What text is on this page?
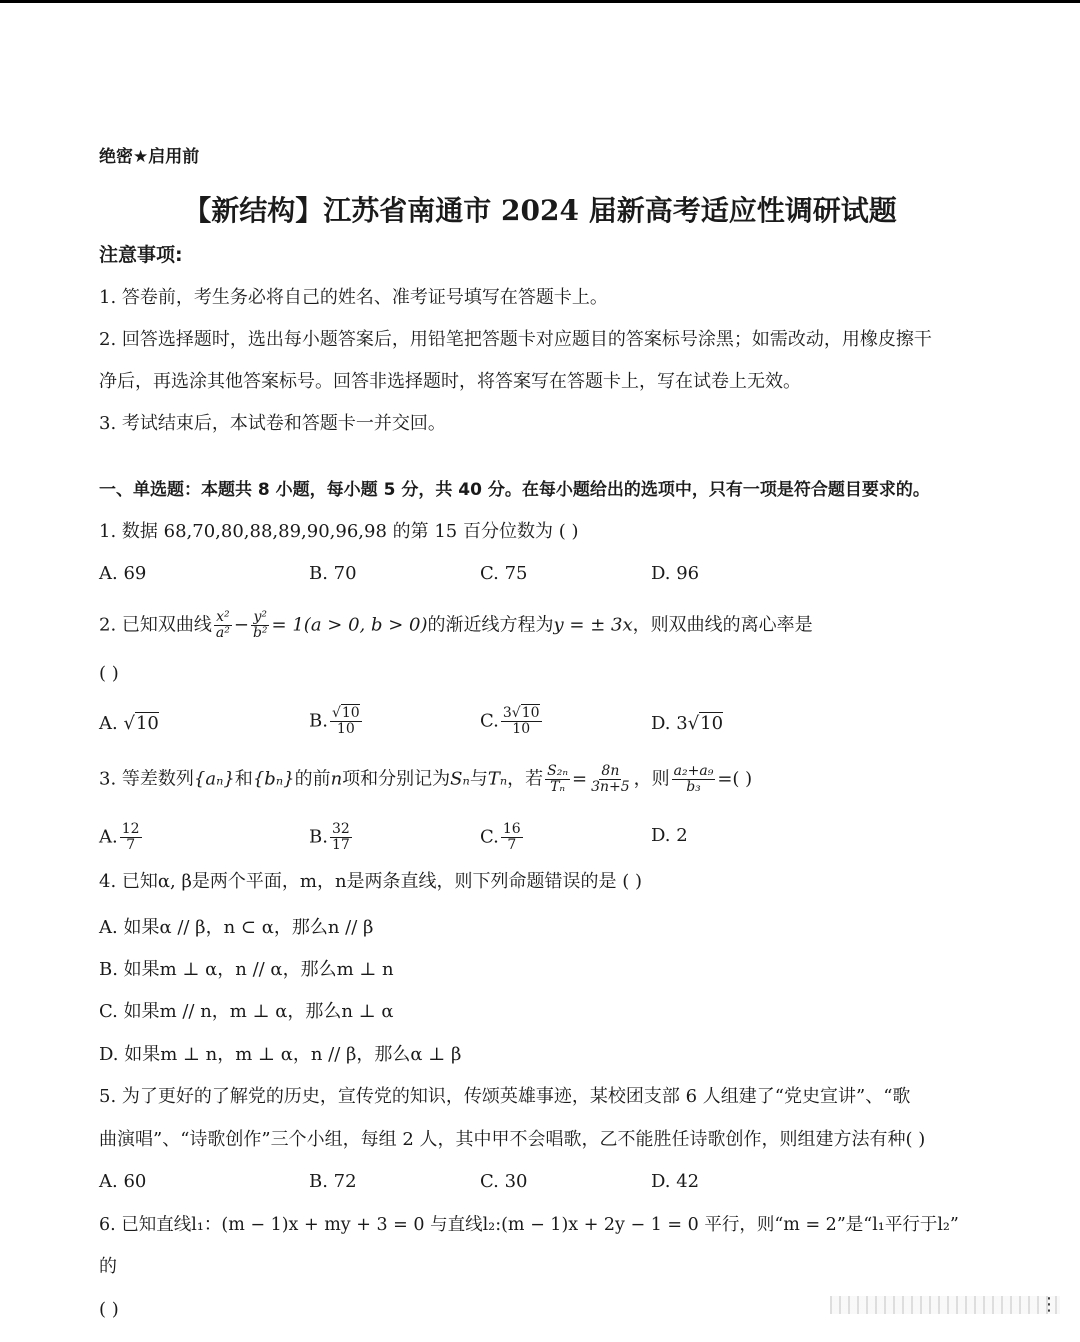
绝密★启用前
【新结构】江苏省南通市 2024 届新高考适应性调研试题
注意事项:
1. 答卷前，考生务必将自己的姓名、准考证号填写在答题卡上。
2. 回答选择题时，选出每小题答案后，用铅笔把答题卡对应题目的答案标号涂黑；如需改动，用橡皮擦干
净后，再选涂其他答案标号。回答非选择题时，将答案写在答题卡上，写在试卷上无效。
3. 考试结束后，本试卷和答题卡一并交回。
一、单选题：本题共 8 小题，每小题 5 分，共 40 分。在每小题给出的选项中，只有一项是符合题目要求的。
1. 数据 68,70,80,88,89,90,96,98 的第 15 百分位数为 ( )
A. 69	B. 70	C. 75	D. 96
2. 已知双曲线 $\frac{\text{x²}}{\text{a²}} - \frac{\text{y²}}{\text{b²}} = 1(a > 0$, b > 0)的渐近线方程为y = ± 3x，则双曲线的离心率是
( )
A. √10	B. $\frac{√10}{10}$	C. $\frac{3√10}{10}$	D. 3√10
3. 等差数列{aₙ}和{bₙ}的前n项和分别记为Sₙ与Tₙ，若 $\frac{\text{S₂ₙ}}{\text{Tₙ}} = \frac{8n}{3n+5}$ ，则 $\frac{\text{a₂+a₉}}{\text{b₃}}$ =( )
A. $\frac{12}{7}$	B. $\frac{32}{17}$	C. $\frac{16}{7}$	D. 2
4. 已知α, β是两个平面，m，n是两条直线，则下列命题错误的是 ( )
A. 如果α // β，n ⊂ α，那么n // β
B. 如果m ⊥ α，n // α，那么m ⊥ n
C. 如果m // n，m ⊥ α，那么n ⊥ α
D. 如果m ⊥ n，m ⊥ α，n // β，那么α ⊥ β
5. 为了更好的了解党的历史，宣传党的知识，传颂英雄事迹，某校团支部 6 人组建了“党史宣讲”、“歌
曲演唱”、“诗歌创作”三个小组，每组 2 人，其中甲不会唱歌，乙不能胜任诗歌创作，则组建方法有种( )
A. 60	B. 72	C. 30	D. 42
6. 已知直线l₁：(m − 1)x + my + 3 = 0 与直线l₂:(m − 1)x + 2y − 1 = 0 平行，则“m = 2”是“l₁平行于l₂”
的
( )	⋮
